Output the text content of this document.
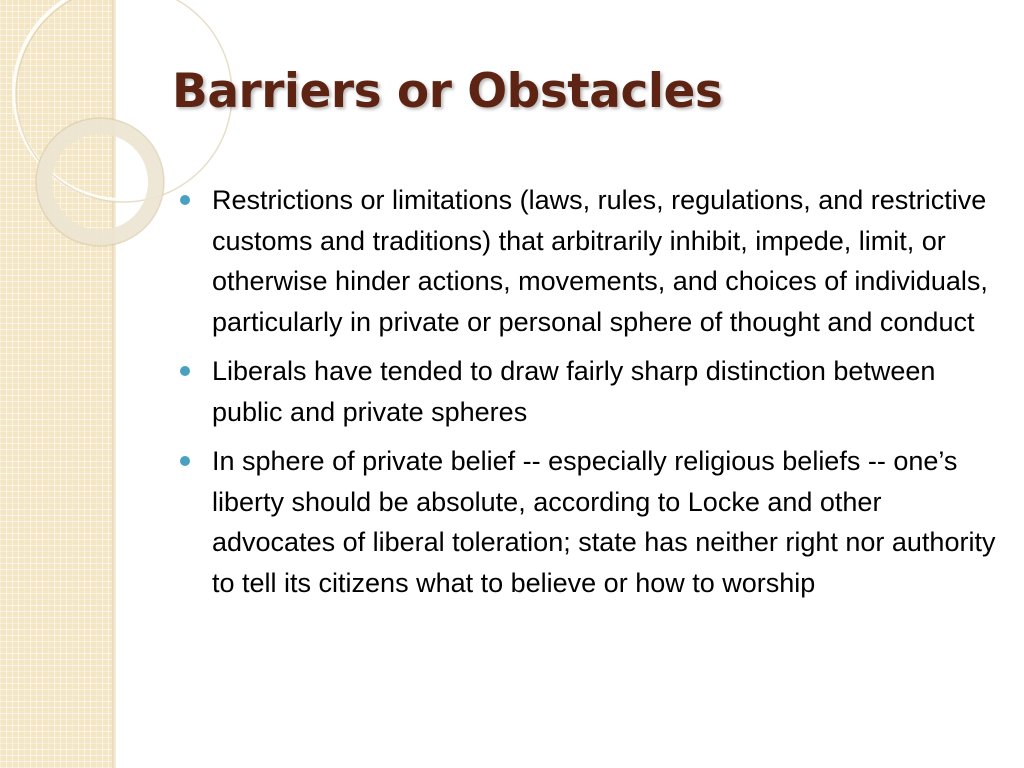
Barriers or Obstacles
Restrictions or limitations (laws, rules, regulations, and restrictive customs and traditions) that arbitrarily inhibit, impede, limit, or otherwise hinder actions, movements, and choices of individuals, particularly in private or personal sphere of thought and conduct
Liberals have tended to draw fairly sharp distinction between public and private spheres
In sphere of private belief -- especially religious beliefs -- one’s liberty should be absolute, according to Locke and other advocates of liberal toleration; state has neither right nor authority to tell its citizens what to believe or how to worship
